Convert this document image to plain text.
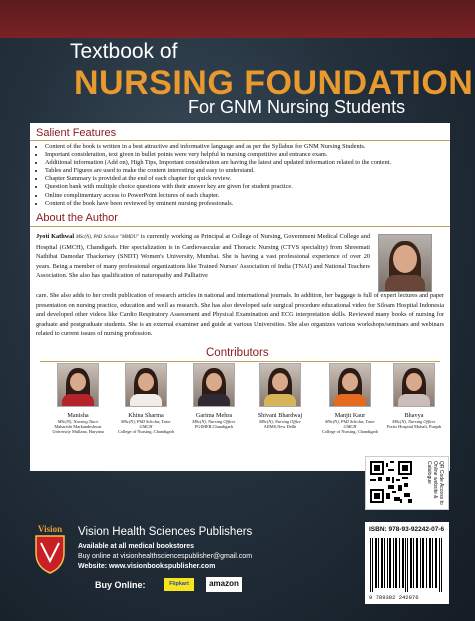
Textbook of
NURSING FOUNDATION
For GNM Nursing Students
Salient Features
• Content of the book is written in a best attractive and informative language and as per the Syllabus for GNM Nursing Students.
• Important consideration, text given in bullet points were very helpful in nursing competitive and entrance exam.
• Additional information (Add on), High Tips, Important consideration are having the latest and updated information related to the content.
• Tables and Figures are used to make the content interesting and easy to understand.
• Chapter Summary is provided at the end of each chapter for quick review.
• Question bank with multiple choice questions with their answer key are given for student practice.
• Online complimentary access to PowerPoint lectures of each chapter.
• Content of the book have been reviewed by eminent nursing professionals.
About the Author
Jyoti Kathwal MSc(N), PhD Scholar "MMDU" is currently working as Principal at College of Nursing, Government Medical College and Hospital (GMCH), Chandigarh. Her specialization is in Cardiovascular and Thoracic Nursing (CTVS speciality) from Shreemati Nathibai Damodar Thackersey (SNDT) Women's University, Mumbai. She is having a vast professional experience of over 20 years. Being a member of many professional organizations like Trained Nurses' Association of India (TNAI) and National Teachers Association. She also has qualification of naturopathy and Palliative
care. She also adds to her credit publication of research articles in national and international journals. In addition, her baggage is full of expert lectures and paper presentation on nursing practice, education and well as research. She has also developed safe surgical procedure educational video for Siloam Hospital Indonesia and developed other videos like Cardio Respiratory Assessment and Physical Examination and ECG interpretation skills. Reviewed many books of nursing for graduate and postgraduate students. She is an external examiner and guide at various Universities. She also organizes various workshops/seminars and webinars related to current issues of nursing profession.
Contributors
Manisha
MSc(N), Nursing Tutor
Maharishi Markandeshwar University Mullana, Haryana
Khina Sharma
MSc(N), PhD Scholar, Tutor GMCH
College of Nursing, Chandigarh
Garima Mehra
MSc(N), Nursing Officer
PGIMER,Chandigarh
Shivani Bhardwaj
MSc(N), Nursing Office
AIIMS,New Delhi
Manjit Kaur
MSc(N), PhD Scholar, Tutor GMCH
College of Nursing, Chandigarh
Bhavya
MSc(N), Nursing Officer
Fortis Hospital Mohali, Punjab
QR Code Access to Online website & Catalogue
ISBN: 978-93-92242-07-6
9 789392 242076
Vision Vision Health Sciences Publishers
Available at all medical bookstores
Buy online at visionhealthsciencespublisher@gmail.com
Website: www.visionbookspublisher.com
Buy Online:	Flipkart	amazon
